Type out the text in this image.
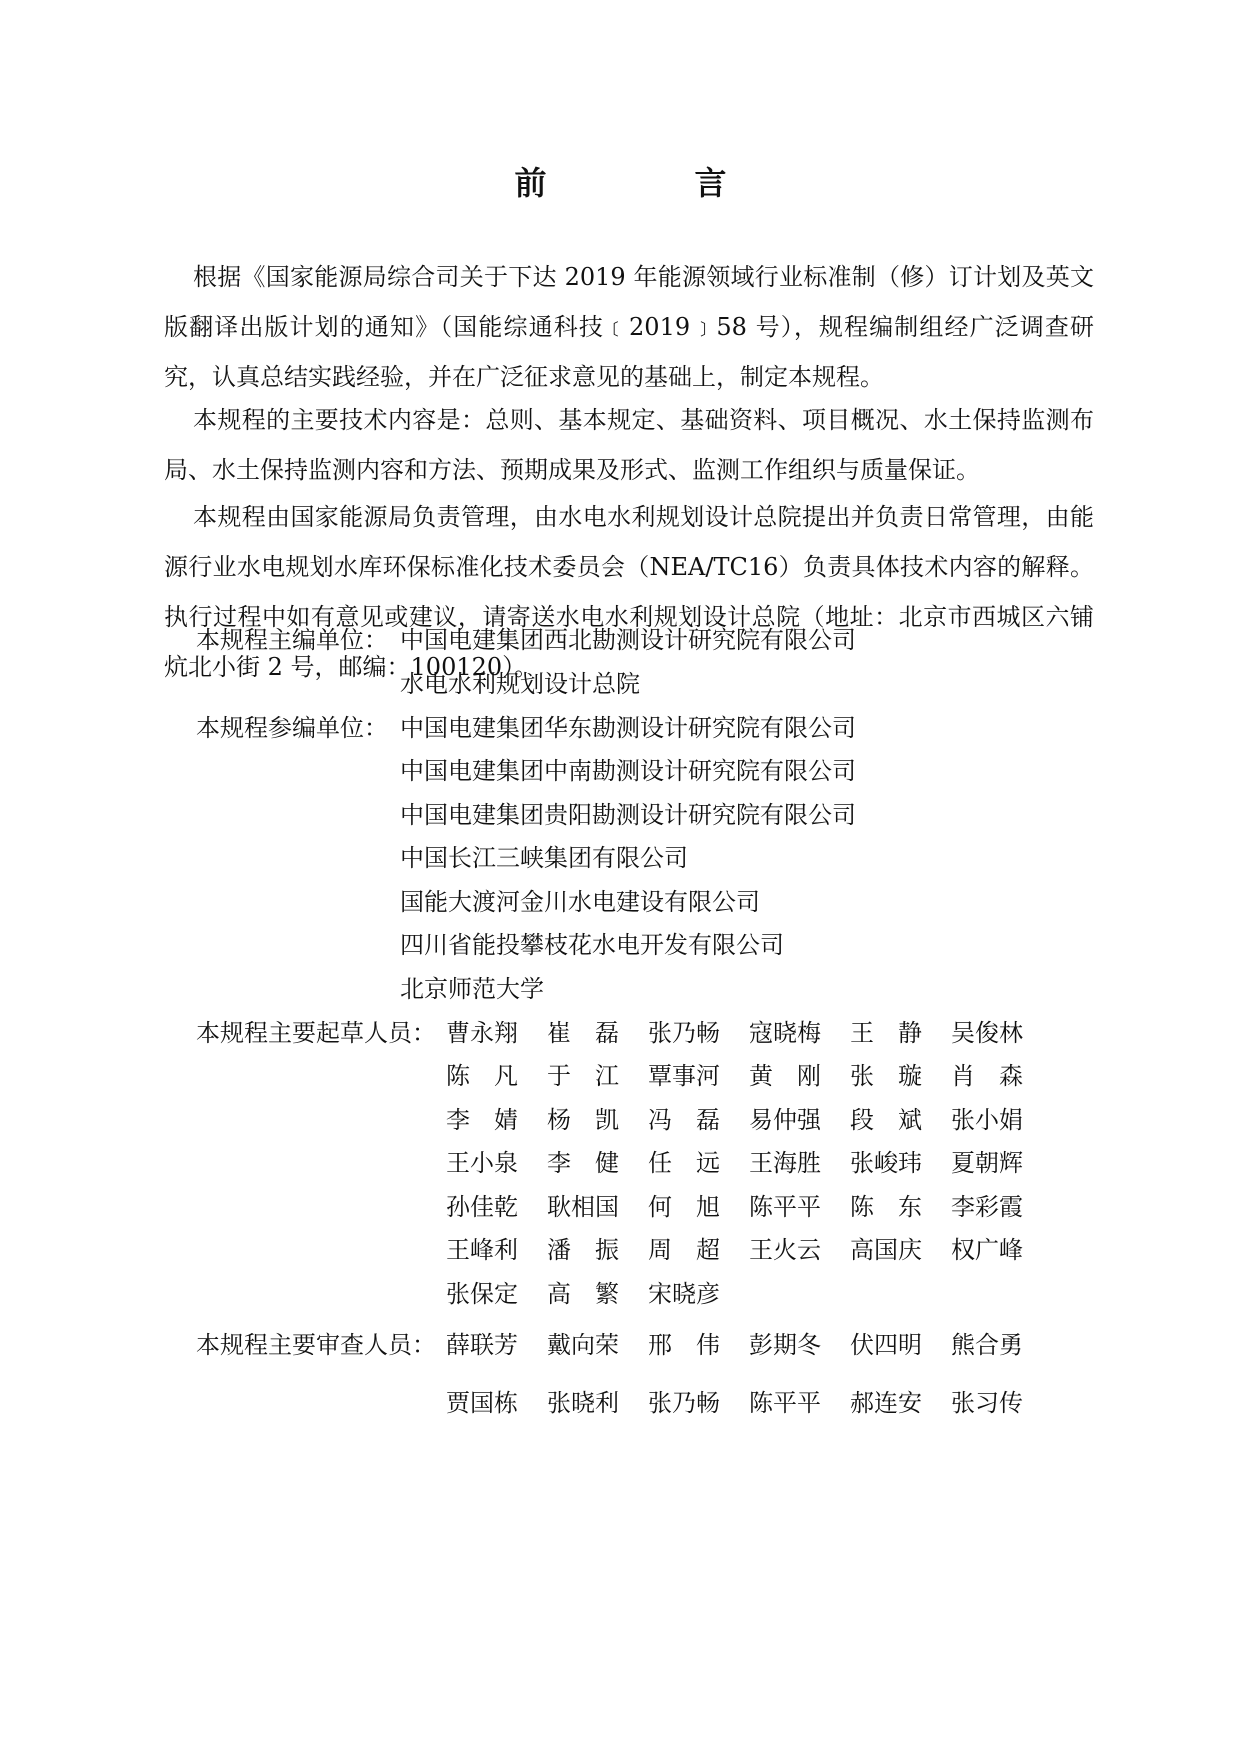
前　言

根据《国家能源局综合司关于下达 2019 年能源领域行业标准制（修）订计划及英文版翻译出版计划的通知》（国能综通科技﹝2019﹞58 号），规程编制组经广泛调查研究，认真总结实践经验，并在广泛征求意见的基础上，制定本规程。

本规程的主要技术内容是：总则、基本规定、基础资料、项目概况、水土保持监测布局、水土保持监测内容和方法、预期成果及形式、监测工作组织与质量保证。

本规程由国家能源局负责管理，由水电水利规划设计总院提出并负责日常管理，由能源行业水电规划水库环保标准化技术委员会（NEA/TC16）负责具体技术内容的解释。执行过程中如有意见或建议，请寄送水电水利规划设计总院（地址：北京市西城区六铺炕北小街 2 号，邮编：100120）。

本规程主编单位： 中国电建集团西北勘测设计研究院有限公司
水电水利规划设计总院
本规程参编单位： 中国电建集团华东勘测设计研究院有限公司
中国电建集团中南勘测设计研究院有限公司
中国电建集团贵阳勘测设计研究院有限公司
中国长江三峡集团有限公司
国能大渡河金川水电建设有限公司
四川省能投攀枝花水电开发有限公司
北京师范大学
本规程主要起草人员： 曹永翔	崔　磊	张乃畅	寇晓梅	王　静	吴俊林
陈　凡	于　江	覃事河	黄　刚	张　璇	肖　森
李　婧	杨　凯	冯　磊	易仲强	段　斌	张小娟
王小泉	李　健	任　远	王海胜	张峻玮	夏朝辉
孙佳乾	耿相国	何　旭	陈平平	陈　东	李彩霞
王峰利	潘　振	周　超	王火云	高国庆	权广峰
张保定	高　繁	宋晓彦
本规程主要审查人员： 薛联芳	戴向荣	邢　伟	彭期冬	伏四明	熊合勇
贾国栋	张晓利	张乃畅	陈平平	郝连安	张习传
